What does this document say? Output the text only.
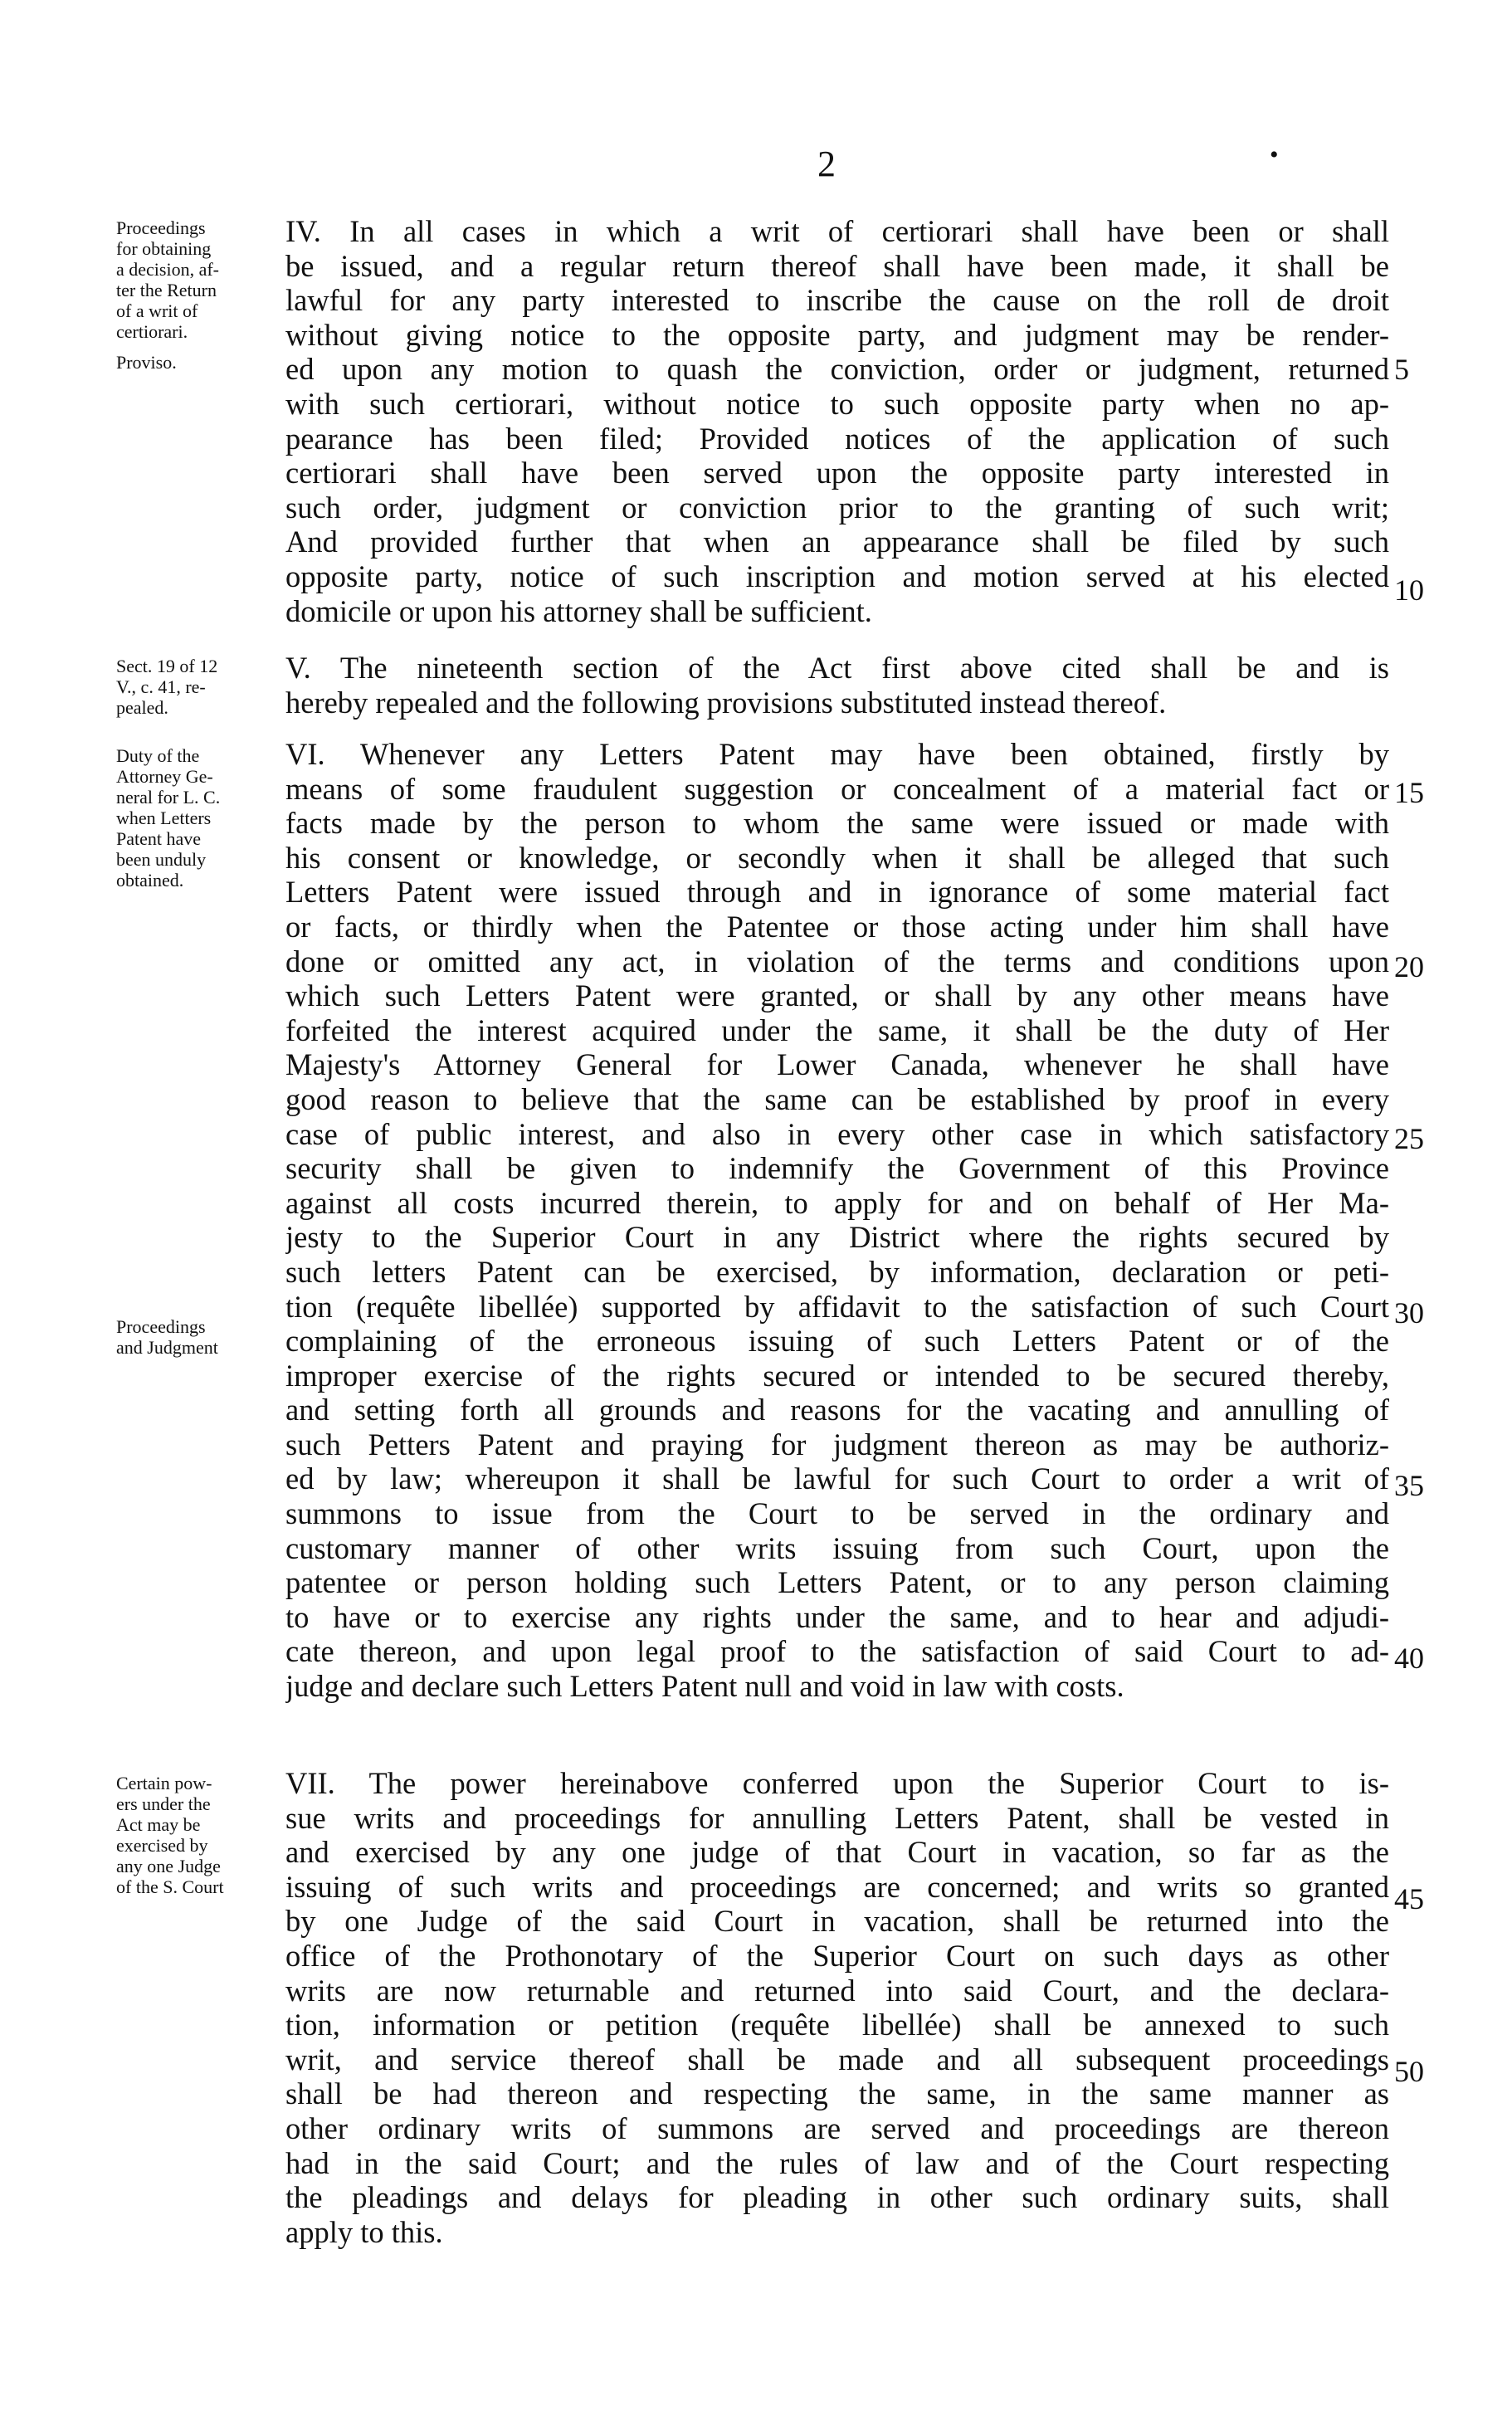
2	•
IV. In all cases in which a writ of certiorari shall have been or shall
be issued, and a regular return thereof shall have been made, it shall be
lawful for any party interested to inscribe the cause on the roll de droit
without giving notice to the opposite party, and judgment may be render-
ed upon any motion to quash the conviction, order or judgment, returned
with such certiorari, without notice to such opposite party when no ap-
pearance has been filed; Provided notices of the application of such
certiorari shall have been served upon the opposite party interested in
such order, judgment or conviction prior to the granting of such writ;
And provided further that when an appearance shall be filed by such
opposite party, notice of such inscription and motion served at his elected
domicile or upon his attorney shall be sufficient.
V. The nineteenth section of the Act first above cited shall be and is
hereby repealed and the following provisions substituted instead thereof.
VI. Whenever any Letters Patent may have been obtained, firstly by
means of some fraudulent suggestion or concealment of a material fact or
facts made by the person to whom the same were issued or made with
his consent or knowledge, or secondly when it shall be alleged that such
Letters Patent were issued through and in ignorance of some material fact
or facts, or thirdly when the Patentee or those acting under him shall have
done or omitted any act, in violation of the terms and conditions upon
which such Letters Patent were granted, or shall by any other means have
forfeited the interest acquired under the same, it shall be the duty of Her
Majesty's Attorney General for Lower Canada, whenever he shall have
good reason to believe that the same can be established by proof in every
case of public interest, and also in every other case in which satisfactory
security shall be given to indemnify the Government of this Province
against all costs incurred therein, to apply for and on behalf of Her Ma-
jesty to the Superior Court in any District where the rights secured by
such letters Patent can be exercised, by information, declaration or peti-
tion (requête libellée) supported by affidavit to the satisfaction of such Court
complaining of the erroneous issuing of such Letters Patent or of the
improper exercise of the rights secured or intended to be secured thereby,
and setting forth all grounds and reasons for the vacating and annulling of
such Petters Patent and praying for judgment thereon as may be authoriz-
ed by law; whereupon it shall be lawful for such Court to order a writ of
summons to issue from the Court to be served in the ordinary and
customary manner of other writs issuing from such Court, upon the
patentee or person holding such Letters Patent, or to any person claiming
to have or to exercise any rights under the same, and to hear and adjudi-
cate thereon, and upon legal proof to the satisfaction of said Court to ad-
judge and declare such Letters Patent null and void in law with costs.
VII. The power hereinabove conferred upon the Superior Court to is-
sue writs and proceedings for annulling Letters Patent, shall be vested in
and exercised by any one judge of that Court in vacation, so far as the
issuing of such writs and proceedings are concerned; and writs so granted
by one Judge of the said Court in vacation, shall be returned into the
office of the Prothonotary of the Superior Court on such days as other
writs are now returnable and returned into said Court, and the declara-
tion, information or petition (requête libellée) shall be annexed to such
writ, and service thereof shall be made and all subsequent proceedings
shall be had thereon and respecting the same, in the same manner as
other ordinary writs of summons are served and proceedings are thereon
had in the said Court; and the rules of law and of the Court respecting
the pleadings and delays for pleading in other such ordinary suits, shall
apply to this.
Proceedings
for obtaining
a decision, af-
ter the Return
of a writ of
certiorari.
Proviso.
Sect. 19 of 12
V., c. 41, re-
pealed.
Duty of the
Attorney Ge-
neral for L. C.
when Letters
Patent have
been unduly
obtained.
Proceedings
and Judgment
Certain pow-
ers under the
Act may be
exercised by
any one Judge
of the S. Court
5
10
15
20
25
30
35
40
45
50
